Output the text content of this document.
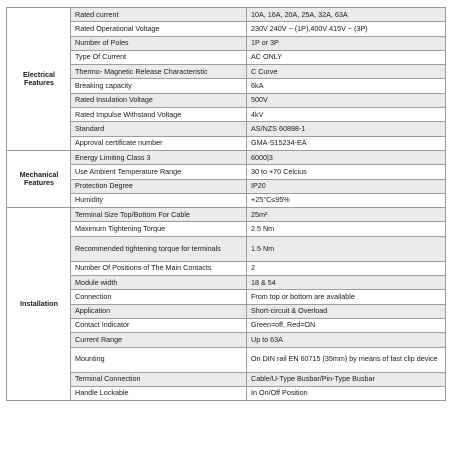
Electrical Features	Rated current	10A, 16A, 20A, 25A, 32A, 63A
	Rated Operational Voltage	230V 240V ~ (1P),400V 415V ~ (3P)
	Number of Poles	1P or 3P
	Type Of Current	AC ONLY
	Thermo- Magnetic Release Characteristic	C Curve
	Breaking capacity	6kA
	Rated Insulation Voltage	500V
	Rated Impulse Withstand Voltage	4kV
	Standard	AS/NZS 60898-1
	Approval certificate number	GMA-S15234-EA
Mechanical Features	Energy Limiting Class 3	6000|3
	Use Ambient Temperature Range	30 to +70 Celcius
	Protection Degree	IP20
	Humidity	+25°C≤95%
Installation	Terminal Size Top/Bottom For Cable	25m²
	Maximum Tightening Torque	2.5 Nm
	Recommended tightening torque for terminals	1.5 Nm
	Number Of Positions of The Main Contacts	2
	Module width	18 & 54
	Connection	From top or bottom are available
	Application	Short-circuit & Overload
	Contact Indicator	Green=off, Red=ON
	Current Range	Up to 63A
	Mounting	On DIN rail EN 60715 (35mm) by means of fast clip device
	Terminal Connection	Cable/U-Type Busbar/Pin-Type Busbar
	Handle Lockable	In On/Off Position
